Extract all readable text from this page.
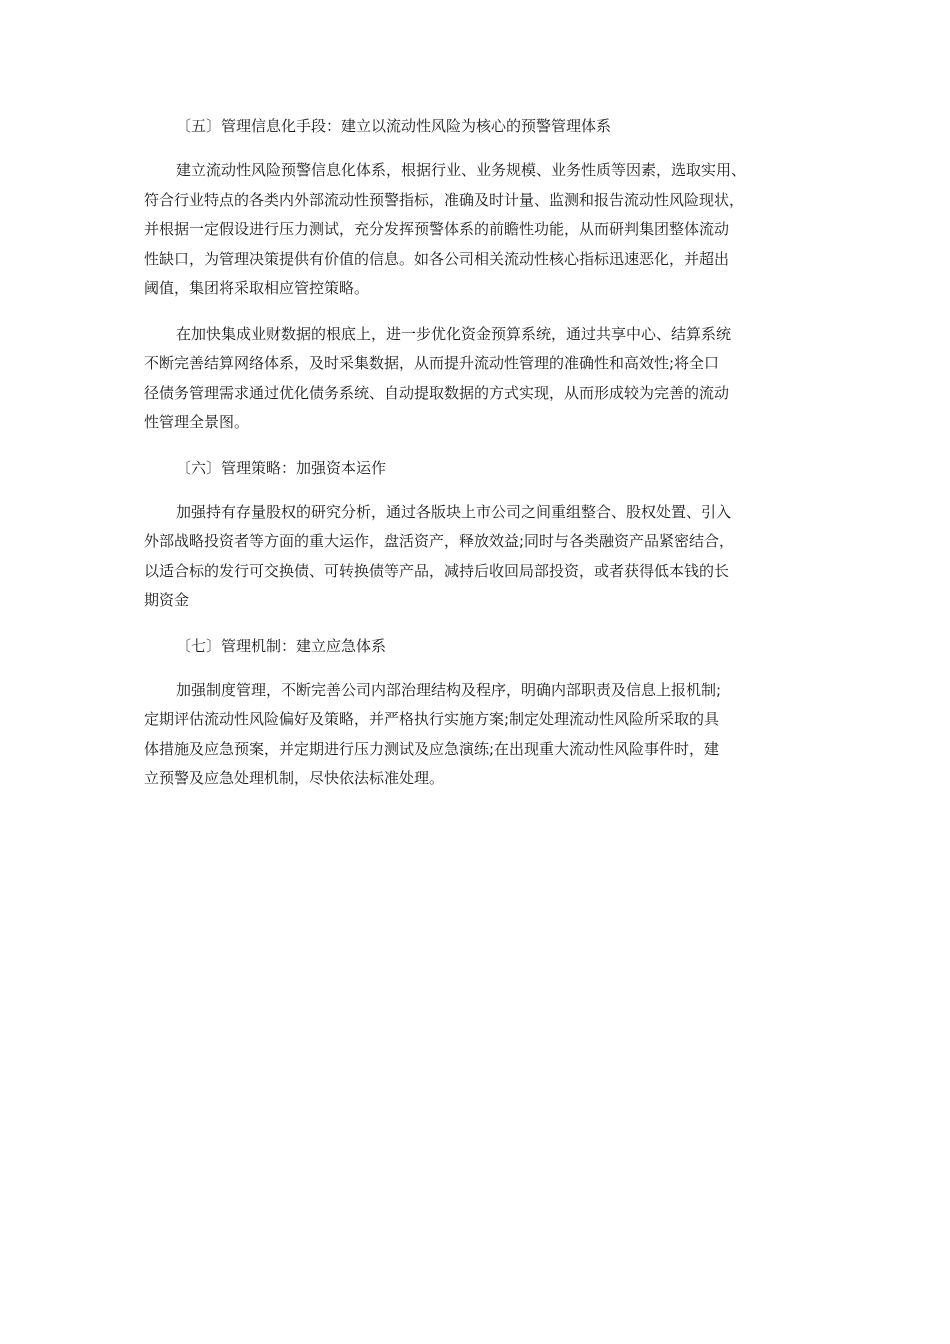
〔五〕管理信息化手段：建立以流动性风险为核心的预警管理体系
建立流动性风险预警信息化体系，根据行业、业务规模、业务性质等因素，选取实用、
符合行业特点的各类内外部流动性预警指标，准确及时计量、监测和报告流动性风险现状，
并根据一定假设进行压力测试，充分发挥预警体系的前瞻性功能，从而研判集团整体流动
性缺口，为管理决策提供有价值的信息。如各公司相关流动性核心指标迅速恶化，并超出
阈值，集团将采取相应管控策略。
在加快集成业财数据的根底上，进一步优化资金预算系统，通过共享中心、结算系统
不断完善结算网络体系，及时采集数据，从而提升流动性管理的准确性和高效性;将全口
径债务管理需求通过优化债务系统、自动提取数据的方式实现，从而形成较为完善的流动
性管理全景图。
〔六〕管理策略：加强资本运作
加强持有存量股权的研究分析，通过各版块上市公司之间重组整合、股权处置、引入
外部战略投资者等方面的重大运作，盘活资产，释放效益;同时与各类融资产品紧密结合，
以适合标的发行可交换债、可转换债等产品，减持后收回局部投资，或者获得低本钱的长
期资金
〔七〕管理机制：建立应急体系
加强制度管理，不断完善公司内部治理结构及程序，明确内部职责及信息上报机制;
定期评估流动性风险偏好及策略，并严格执行实施方案;制定处理流动性风险所采取的具
体措施及应急预案，并定期进行压力测试及应急演练;在出现重大流动性风险事件时，建
立预警及应急处理机制，尽快依法标准处理。
